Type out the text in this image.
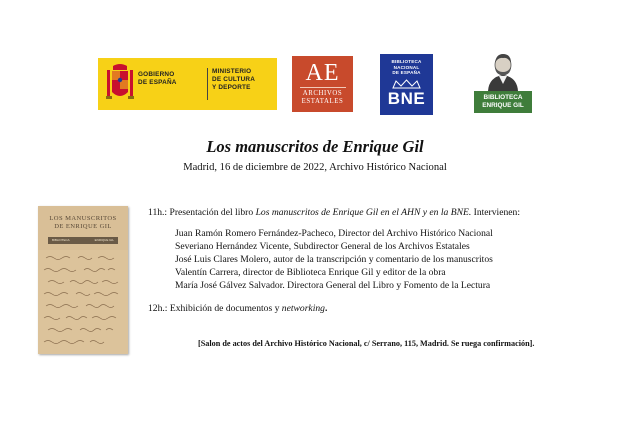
GOBIERNO
DE ESPAÑA
MINISTERIO
DE CULTURA
Y DEPORTE
AE
ARCHIVOS
ESTATALES
BIBLIOTECA
NACIONAL
DE ESPAÑA
BNE	BIBLIOTECA
ENRIQUE GIL
Los manuscritos de Enrique Gil
Madrid, 16 de diciembre de 2022, Archivo Histórico Nacional
LOS MANUSCRITOS
DE ENRIQUE GIL
BIBLIOTECA	ENRIQUE GIL
11h.: Presentación del libro Los manuscritos de Enrique Gil en el AHN y en la BNE. Intervienen:
Juan Ramón Romero Fernández-Pacheco, Director del Archivo Histórico Nacional
Severiano Hernández Vicente, Subdirector General de los Archivos Estatales
José Luis Clares Molero, autor de la transcripción y comentario de los manuscritos
Valentín Carrera, director de Biblioteca Enrique Gil y editor de la obra
María José Gálvez Salvador. Directora General del Libro y Fomento de la Lectura
12h.: Exhibición de documentos y networking.
[Salon de actos del Archivo Histórico Nacional, c/ Serrano, 115, Madrid. Se ruega confirmación].
